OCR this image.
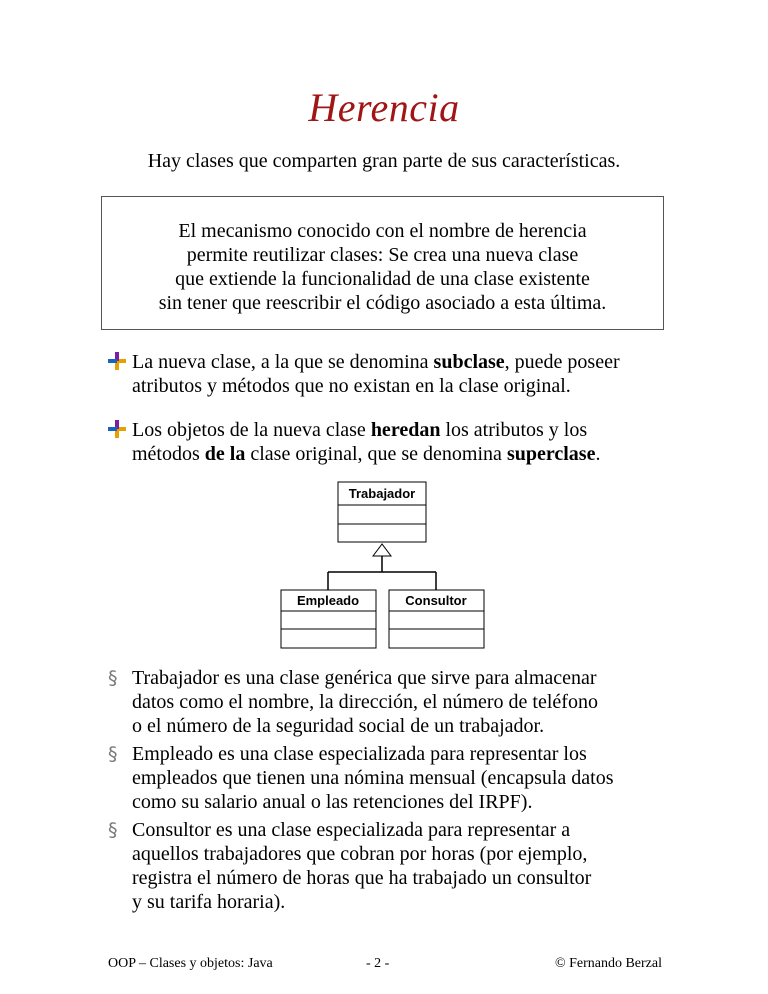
Herencia
Hay clases que comparten gran parte de sus características.
El mecanismo conocido con el nombre de herencia
permite reutilizar clases: Se crea una nueva clase
que extiende la funcionalidad de una clase existente
sin tener que reescribir el código asociado a esta última.
La nueva clase, a la que se denomina subclase, puede poseer
atributos y métodos que no existan en la clase original.
Los objetos de la nueva clase heredan los atributos y los
métodos de la clase original, que se denomina superclase.
Trabajador
Empleado	Consultor
§ Trabajador es una clase genérica que sirve para almacenar
datos como el nombre, la dirección, el número de teléfono
o el número de la seguridad social de un trabajador.
§ Empleado es una clase especializada para representar los
empleados que tienen una nómina mensual (encapsula datos
como su salario anual o las retenciones del IRPF).
§ Consultor es una clase especializada para representar a
aquellos trabajadores que cobran por horas (por ejemplo,
registra el número de horas que ha trabajado un consultor
y su tarifa horaria).
OOP – Clases y objetos: Java	- 2 -	© Fernando Berzal
